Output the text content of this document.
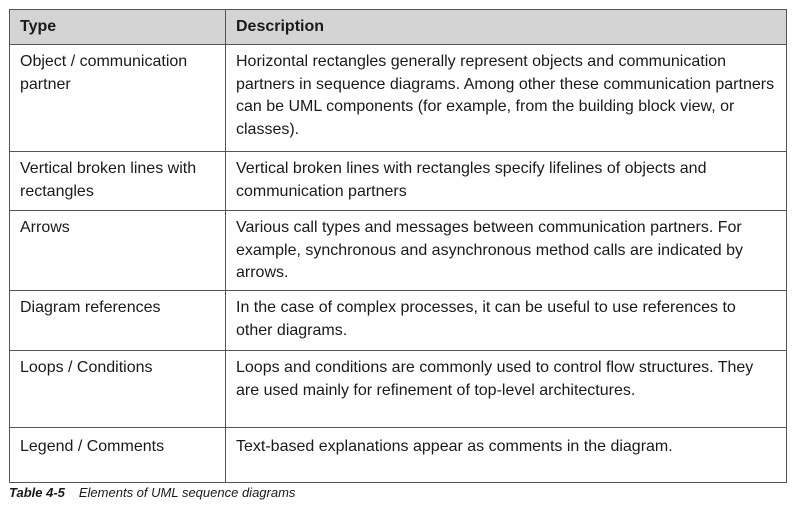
Type	Description

Object / communication partner	Horizontal rectangles generally represent objects and communication partners in sequence diagrams. Among other these communication partners can be UML components (for example, from the building block view, or classes).

Vertical broken lines with rectangles	Vertical broken lines with rectangles specify lifelines of objects and communication partners

Arrows	Various call types and messages between communication partners. For example, synchronous and asynchronous method calls are indicated by arrows.

Diagram references	In the case of complex processes, it can be useful to use references to other diagrams.

Loops / Conditions	Loops and conditions are commonly used to control flow structures. They are used mainly for refinement of top-level architectures.

Legend / Comments	Text-based explanations appear as comments in the diagram.
Table 4-5 Elements of UML sequence diagrams
